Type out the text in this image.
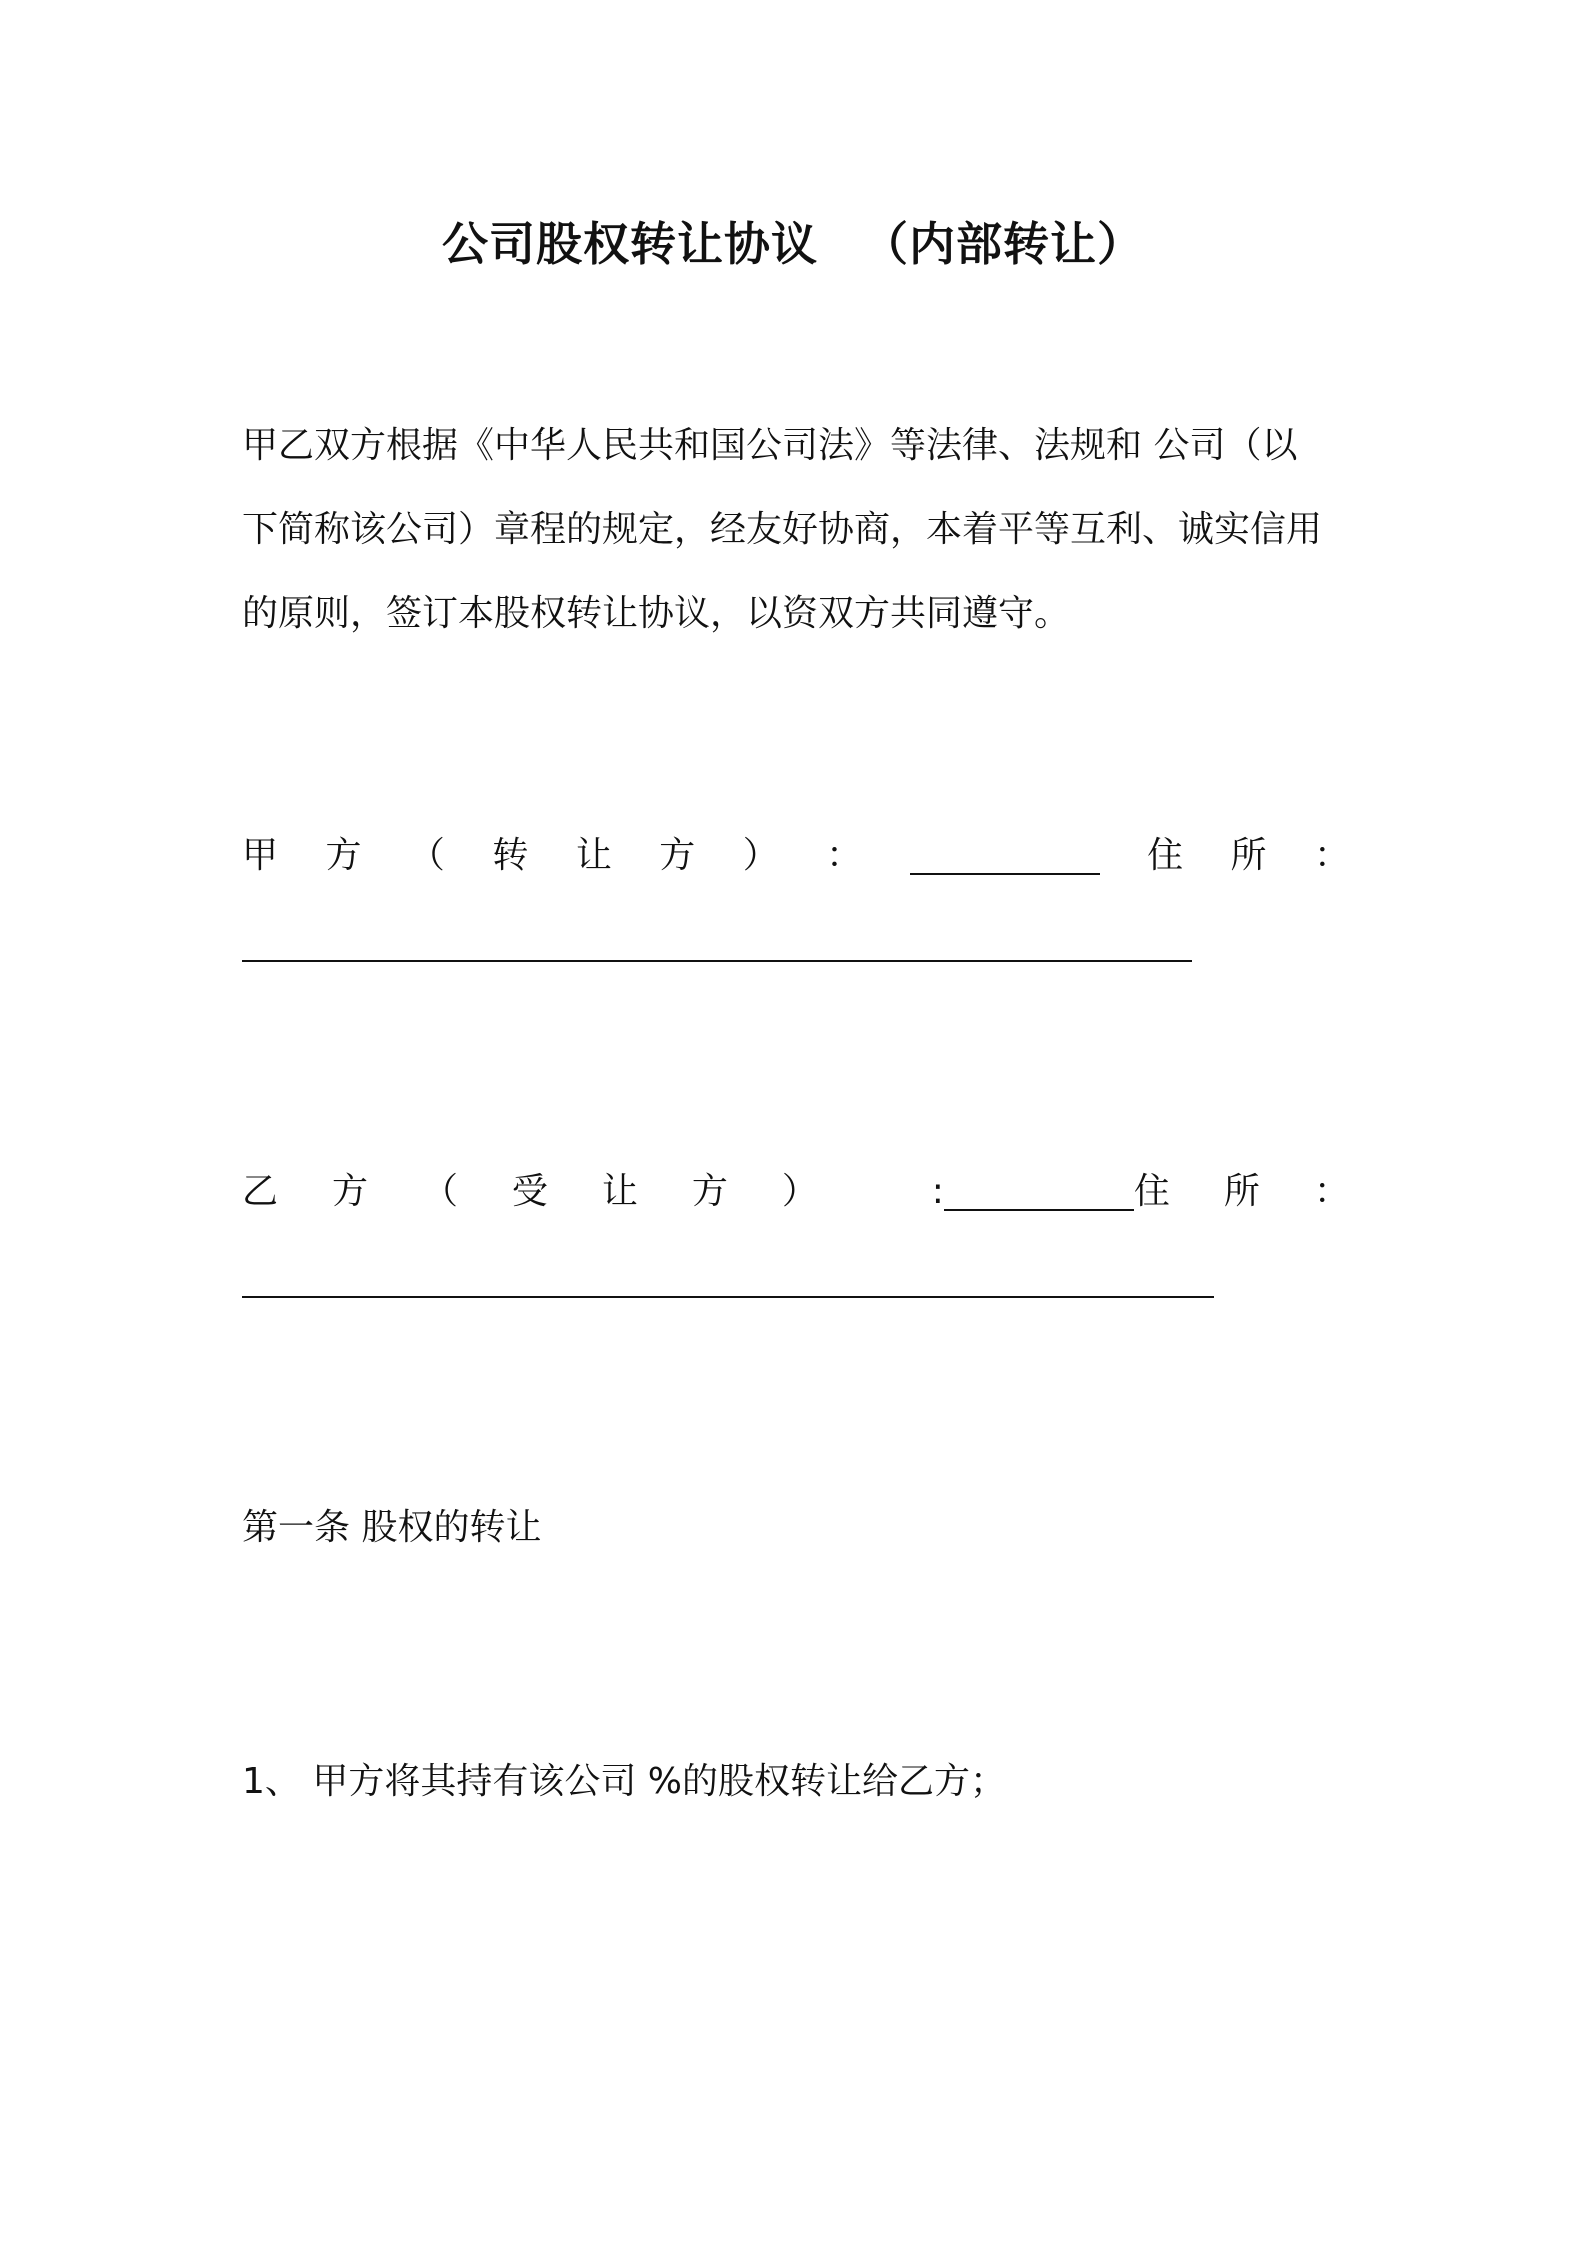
公司股权转让协议 （内部转让）
甲乙双方根据《中华人民共和国公司法》等法律、法规和 公司（以
下简称该公司）章程的规定，经友好协商，本着平等互利、诚实信用
的原则，签订本股权转让协议，以资双方共同遵守。
甲 方 （ 转 让 方 ） ：	住 所 ：
乙 方 （ 受 让 方 ）	:	住 所 ：
第一条 股权的转让
1、 甲方将其持有该公司 %的股权转让给乙方；
